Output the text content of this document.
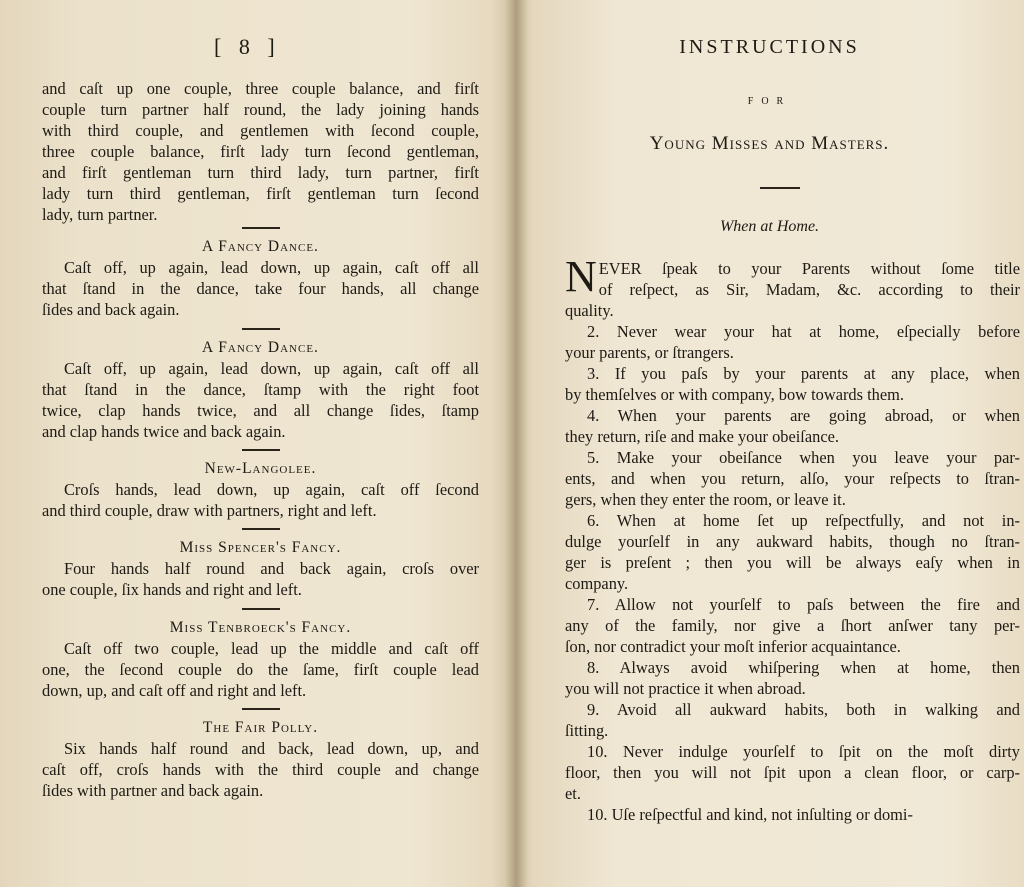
[ 8 ]
and caſt up one couple, three couple balance, and firſt
couple turn partner half round, the lady joining hands
with third couple, and gentlemen with ſecond couple,
three couple balance, firſt lady turn ſecond gentleman,
and firſt gentleman turn third lady, turn partner, firſt
lady turn third gentleman, firſt gentleman turn ſecond
lady, turn partner.
A Fancy Dance.
Caſt off, up again, lead down, up again, caſt off all
that ſtand in the dance, take four hands, all change
ſides and back again.
A Fancy Dance.
Caſt off, up again, lead down, up again, caſt off all
that ſtand in the dance, ſtamp with the right foot
twice, clap hands twice, and all change ſides, ſtamp
and clap hands twice and back again.
New-Langolee.
Croſs hands, lead down, up again, caſt off ſecond
and third couple, draw with partners, right and left.
Miſs Spencer's Fancy.
Four hands half round and back again, croſs over
one couple, ſix hands and right and left.
Miſs Tenbroeck's Fancy.
Caſt off two couple, lead up the middle and caſt off
one, the ſecond couple do the ſame, firſt couple lead
down, up, and caſt off and right and left.
The Fair Polly.
Six hands half round and back, lead down, up, and
caſt off, croſs hands with the third couple and change
ſides with partner and back again.
INSTRUCTIONS
FOR
Young Misses and Masters.
When at Home.
NEVER ſpeak to your Parents without ſome title
of reſpect, as Sir, Madam, &c. according to their
quality.
2. Never wear your hat at home, eſpecially before
your parents, or ſtrangers.
3. If you paſs by your parents at any place, when
by themſelves or with company, bow towards them.
4. When your parents are going abroad, or when
they return, riſe and make your obeiſance.
5. Make your obeiſance when you leave your par-
ents, and when you return, alſo, your reſpects to ſtran-
gers, when they enter the room, or leave it.
6. When at home ſet up reſpectfully, and not in-
dulge yourſelf in any aukward habits, though no ſtran-
ger is preſent ; then you will be always eaſy when in
company.
7. Allow not yourſelf to paſs between the fire and
any of the family, nor give a ſhort anſwer tany per-
ſon, nor contradict your moſt inferior acquaintance.
8. Always avoid whiſpering when at home, then
you will not practice it when abroad.
9. Avoid all aukward habits, both in walking and
ſitting.
10. Never indulge yourſelf to ſpit on the moſt dirty
floor, then you will not ſpit upon a clean floor, or carp-
et.
10. Uſe reſpectful and kind, not inſulting or domi-
